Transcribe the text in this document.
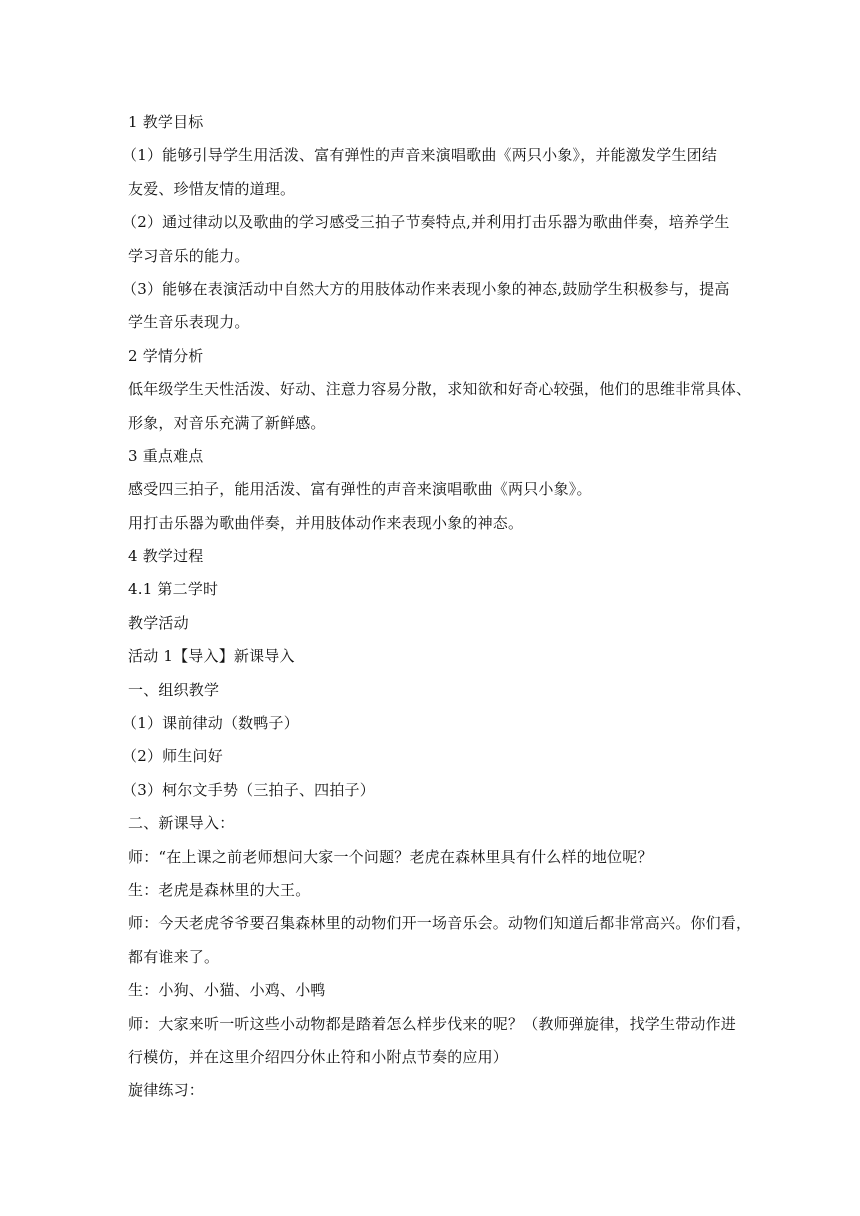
1 教学目标
（1）能够引导学生用活泼、富有弹性的声音来演唱歌曲《两只小象》，并能激发学生团结
友爱、珍惜友情的道理。
（2）通过律动以及歌曲的学习感受三拍子节奏特点,并利用打击乐器为歌曲伴奏，培养学生
学习音乐的能力。
（3）能够在表演活动中自然大方的用肢体动作来表现小象的神态,鼓励学生积极参与，提高
学生音乐表现力。
2 学情分析
低年级学生天性活泼、好动、注意力容易分散，求知欲和好奇心较强，他们的思维非常具体、
形象，对音乐充满了新鲜感。
3 重点难点
感受四三拍子，能用活泼、富有弹性的声音来演唱歌曲《两只小象》。
用打击乐器为歌曲伴奏，并用肢体动作来表现小象的神态。
4 教学过程
4.1 第二学时
教学活动
活动 1【导入】新课导入
一、组织教学
（1）课前律动（数鸭子）
（2）师生问好
（3）柯尔文手势（三拍子、四拍子）
二、新课导入：
师：“在上课之前老师想问大家一个问题？老虎在森林里具有什么样的地位呢？
生：老虎是森林里的大王。
师：今天老虎爷爷要召集森林里的动物们开一场音乐会。动物们知道后都非常高兴。你们看，
都有谁来了。
生：小狗、小猫、小鸡、小鸭
师：大家来听一听这些小动物都是踏着怎么样步伐来的呢？（教师弹旋律，找学生带动作进
行模仿，并在这里介绍四分休止符和小附点节奏的应用）
旋律练习：
